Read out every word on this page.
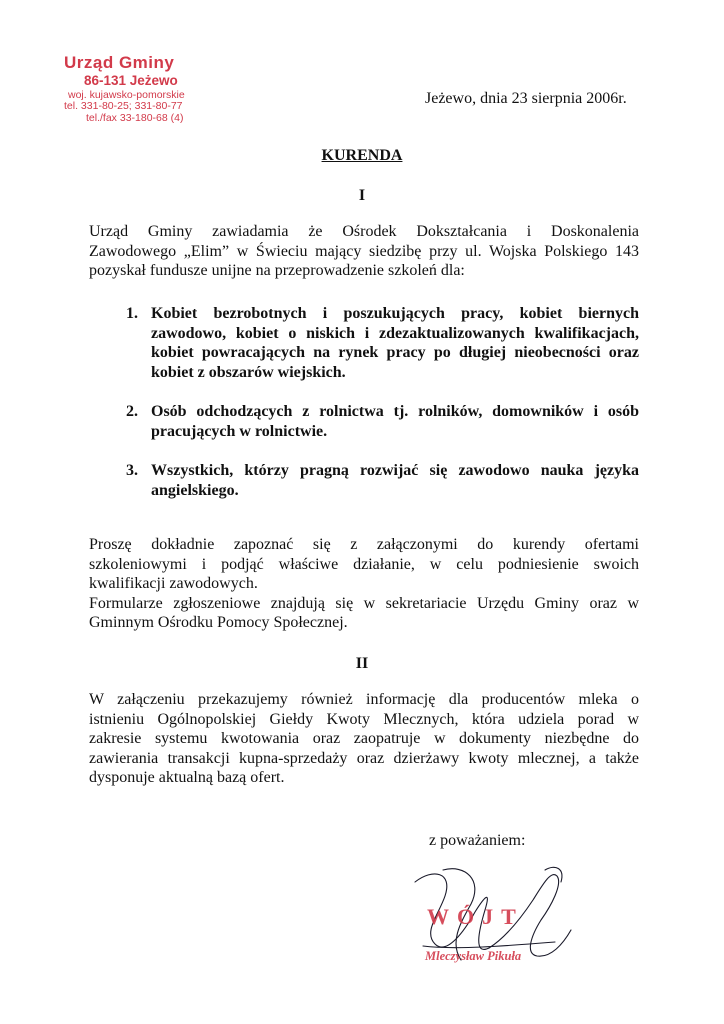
Urząd Gminy
86-131 Jeżewo
woj. kujawsko-pomorskie
tel. 331-80-25; 331-80-77
tel./fax 33-180-68 (4)
Jeżewo, dnia 23 sierpnia 2006r.
KURENDA
I
Urząd Gminy zawiadamia że Ośrodek Dokształcania i Doskonalenia
Zawodowego „Elim” w Świeciu mający siedzibę przy ul. Wojska Polskiego 143
pozyskał fundusze unijne na przeprowadzenie szkoleń dla:
1. Kobiet bezrobotnych i poszukujących pracy, kobiet biernych
zawodowo, kobiet o niskich i zdezaktualizowanych kwalifikacjach,
kobiet powracających na rynek pracy po długiej nieobecności oraz
kobiet z obszarów wiejskich.
2. Osób odchodzących z rolnictwa tj. rolników, domowników i osób
pracujących w rolnictwie.
3. Wszystkich, którzy pragną rozwijać się zawodowo nauka języka
angielskiego.
Proszę dokładnie zapoznać się z załączonymi do kurendy ofertami
szkoleniowymi i podjąć właściwe działanie, w celu podniesienie swoich
kwalifikacji zawodowych.
Formularze zgłoszeniowe znajdują się w sekretariacie Urzędu Gminy oraz w
Gminnym Ośrodku Pomocy Społecznej.
II
W załączeniu przekazujemy również informację dla producentów mleka o
istnieniu Ogólnopolskiej Giełdy Kwoty Mlecznych, która udziela porad w
zakresie systemu kwotowania oraz zaopatruje w dokumenty niezbędne do
zawierania transakcji kupna-sprzedaży oraz dzierżawy kwoty mlecznej, a także
dysponuje aktualną bazą ofert.
z poważaniem:
WÓJT
Mleczysław Pikuła
